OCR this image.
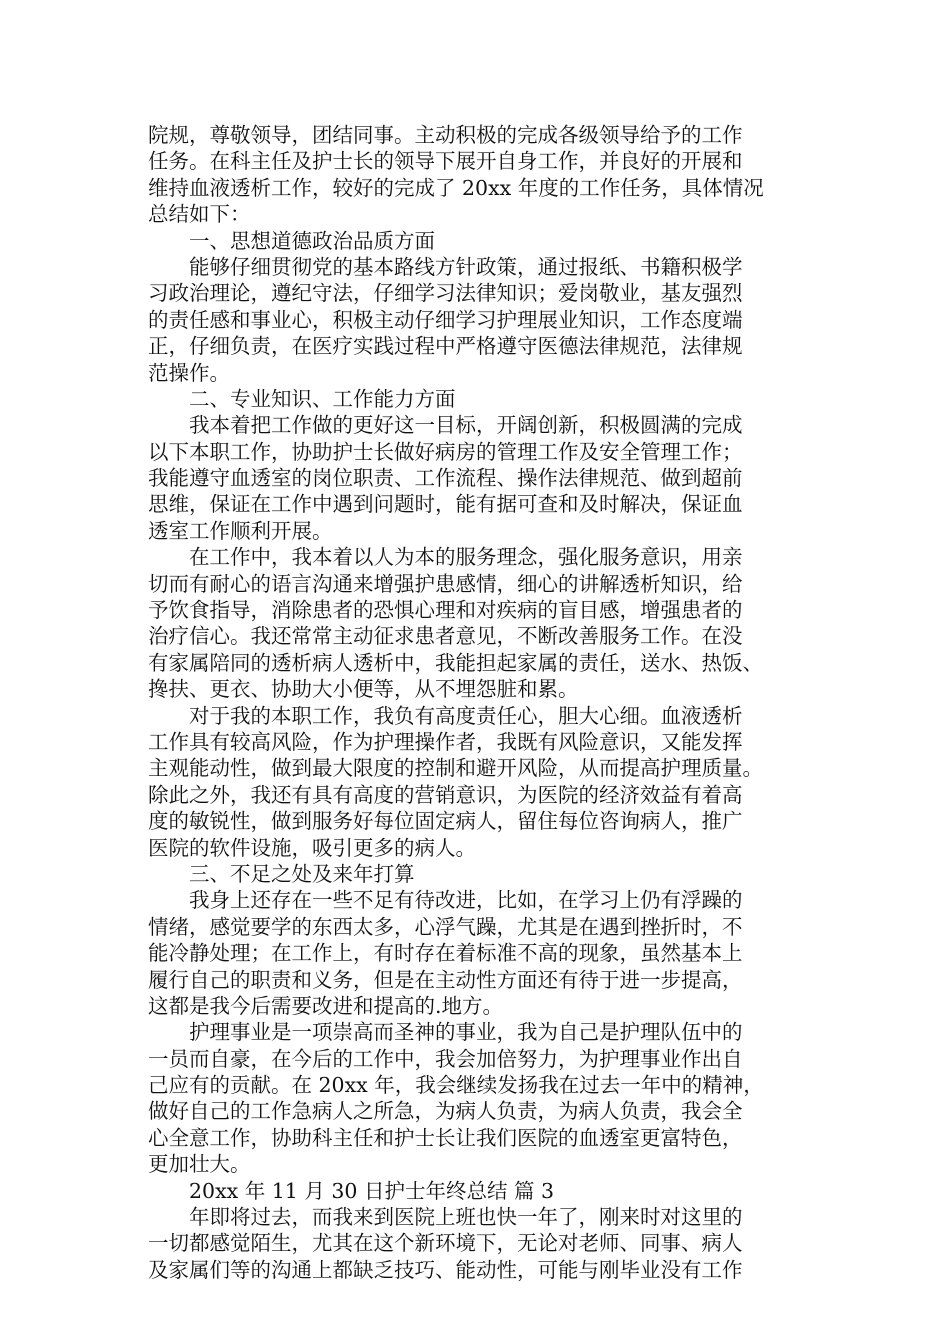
院规，尊敬领导，团结同事。主动积极的完成各级领导给予的工作
任务。在科主任及护士长的领导下展开自身工作，并良好的开展和
维持血液透析工作，较好的完成了 20xx 年度的工作任务，具体情况
总结如下：
一、思想道德政治品质方面
能够仔细贯彻党的基本路线方针政策，通过报纸、书籍积极学
习政治理论，遵纪守法，仔细学习法律知识；爱岗敬业，基友强烈
的责任感和事业心，积极主动仔细学习护理展业知识，工作态度端
正，仔细负责，在医疗实践过程中严格遵守医德法律规范，法律规
范操作。
二、专业知识、工作能力方面
我本着把工作做的更好这一目标，开阔创新，积极圆满的完成
以下本职工作，协助护士长做好病房的管理工作及安全管理工作；
我能遵守血透室的岗位职责、工作流程、操作法律规范、做到超前
思维，保证在工作中遇到问题时，能有据可查和及时解决，保证血
透室工作顺利开展。
在工作中，我本着以人为本的服务理念，强化服务意识，用亲
切而有耐心的语言沟通来增强护患感情，细心的讲解透析知识，给
予饮食指导，消除患者的恐惧心理和对疾病的盲目感，增强患者的
治疗信心。我还常常主动征求患者意见，不断改善服务工作。在没
有家属陪同的透析病人透析中，我能担起家属的责任，送水、热饭、
搀扶、更衣、协助大小便等，从不埋怨脏和累。
对于我的本职工作，我负有高度责任心，胆大心细。血液透析
工作具有较高风险，作为护理操作者，我既有风险意识，又能发挥
主观能动性，做到最大限度的控制和避开风险，从而提高护理质量。
除此之外，我还有具有高度的营销意识，为医院的经济效益有着高
度的敏锐性，做到服务好每位固定病人，留住每位咨询病人，推广
医院的软件设施，吸引更多的病人。
三、不足之处及来年打算
我身上还存在一些不足有待改进，比如，在学习上仍有浮躁的
情绪，感觉要学的东西太多，心浮气躁，尤其是在遇到挫折时，不
能冷静处理；在工作上，有时存在着标准不高的现象，虽然基本上
履行自己的职责和义务，但是在主动性方面还有待于进一步提高，
这都是我今后需要改进和提高的.地方。
护理事业是一项崇高而圣神的事业，我为自己是护理队伍中的
一员而自豪，在今后的工作中，我会加倍努力，为护理事业作出自
己应有的贡献。在 20xx 年，我会继续发扬我在过去一年中的精神，
做好自己的工作急病人之所急，为病人负责，为病人负责，我会全
心全意工作，协助科主任和护士长让我们医院的血透室更富特色，
更加壮大。
20xx 年 11 月 30 日护士年终总结 篇 3
年即将过去，而我来到医院上班也快一年了，刚来时对这里的
一切都感觉陌生，尤其在这个新环境下，无论对老师、同事、病人
及家属们等的沟通上都缺乏技巧、能动性，可能与刚毕业没有工作
